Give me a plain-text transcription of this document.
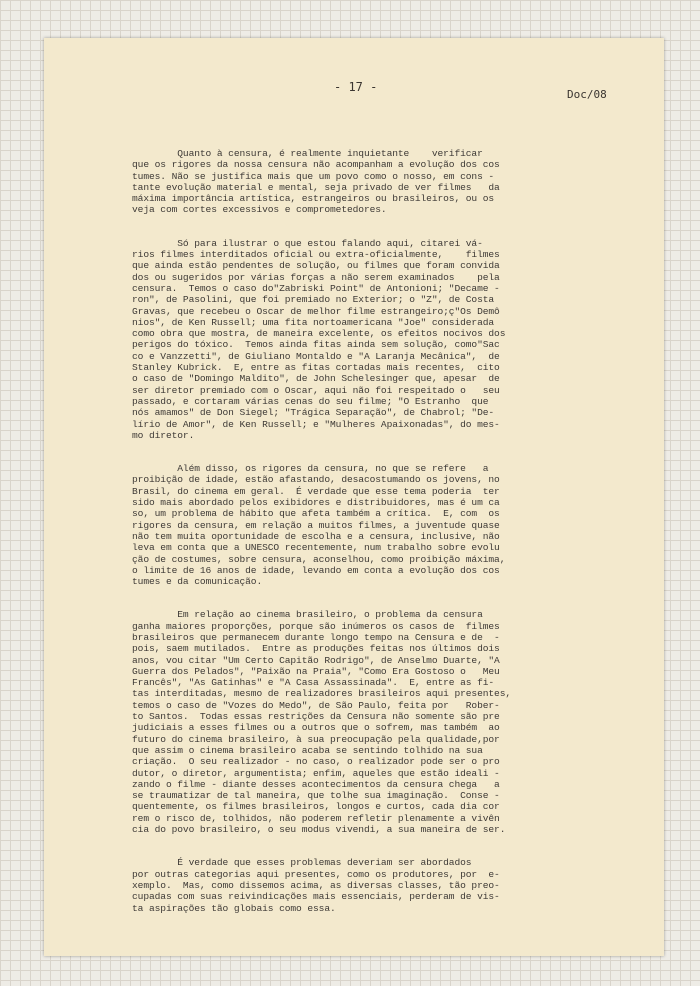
- 17 -
Doc/08
Quanto à censura, é realmente inquietante    verificar
que os rigores da nossa censura não acompanham a evolução dos cos
tumes. Não se justifica mais que um povo como o nosso, em cons -
tante evolução material e mental, seja privado de ver filmes   da
máxima importância artística, estrangeiros ou brasileiros, ou os
veja com cortes excessivos e comprometedores.
Só para ilustrar o que estou falando aqui, citarei vá-
rios filmes interditados oficial ou extra-oficialmente,    filmes
que ainda estão pendentes de solução, ou filmes que foram convida
dos ou sugeridos por várias forças a não serem examinados    pela
censura.  Temos o caso do"Zabriski Point" de Antonioni; "Decame -
ron", de Pasolini, que foi premiado no Exterior; o "Z", de Costa
Gravas, que recebeu o Oscar de melhor filme estrangeiro;ç"Os Demô
nios", de Ken Russell; uma fita nortoamericana "Joe" considerada
como obra que mostra, de maneira excelente, os efeitos nocivos dos
perigos do tóxico.  Temos ainda fitas ainda sem solução, como"Sac
co e Vanzzetti", de Giuliano Montaldo e "A Laranja Mecânica",  de
Stanley Kubrick.  E, entre as fitas cortadas mais recentes,  cito
o caso de "Domingo Maldito", de John Schelesinger que, apesar  de
ser diretor premiado com o Oscar, aqui não foi respeitado o   seu
passado, e cortaram várias cenas do seu filme; "O Estranho  que
nós amamos" de Don Siegel; "Trágica Separação", de Chabrol; "De-
lírio de Amor", de Ken Russell; e "Mulheres Apaixonadas", do mes-
mo diretor.
Além disso, os rigores da censura, no que se refere   a
proibição de idade, estão afastando, desacostumando os jovens, no
Brasil, do cinema em geral.  É verdade que esse tema poderia  ter
sido mais abordado pelos exibidores e distribuidores, mas é um ca
so, um problema de hábito que afeta também a crítica.  E, com  os
rigores da censura, em relação a muitos filmes, a juventude quase
não tem muita oportunidade de escolha e a censura, inclusive, não
leva em conta que a UNESCO recentemente, num trabalho sobre evolu
ção de costumes, sobre censura, aconselhou, como proibição máxima,
o limite de 16 anos de idade, levando em conta a evolução dos cos
tumes e da comunicação.
Em relação ao cinema brasileiro, o problema da censura
ganha maiores proporções, porque são inúmeros os casos de  filmes
brasileiros que permanecem durante longo tempo na Censura e de  -
pois, saem mutilados.  Entre as produções feitas nos últimos dois
anos, vou citar "Um Certo Capitão Rodrigo", de Anselmo Duarte, "A
Guerra dos Pelados", "Paixão na Praia", "Como Era Gostoso o   Meu
Francês", "As Gatinhas" e "A Casa Assassinada".  E, entre as fi-
tas interditadas, mesmo de realizadores brasileiros aqui presentes,
temos o caso de "Vozes do Medo", de São Paulo, feita por   Rober-
to Santos.  Todas essas restrições da Censura não somente são pre
judiciais a esses filmes ou a outros que o sofrem, mas também  ao
futuro do cinema brasileiro, à sua preocupação pela qualidade,por
que assim o cinema brasileiro acaba se sentindo tolhido na sua
criação.  O seu realizador - no caso, o realizador pode ser o pro
dutor, o diretor, argumentista; enfim, aqueles que estão ideali -
zando o filme - diante desses acontecimentos da censura chega   a
se traumatizar de tal maneira, que tolhe sua imaginação.  Conse -
quentemente, os filmes brasileiros, longos e curtos, cada dia cor
rem o risco de, tolhidos, não poderem refletir plenamente a vivên
cia do povo brasileiro, o seu modus vivendi, a sua maneira de ser.
É verdade que esses problemas deveriam ser abordados
por outras categorias aqui presentes, como os produtores, por  e-
xemplo.  Mas, como dissemos acima, as diversas classes, tão preo-
cupadas com suas reivindicações mais essenciais, perderam de vis-
ta aspirações tão globais como essa.
